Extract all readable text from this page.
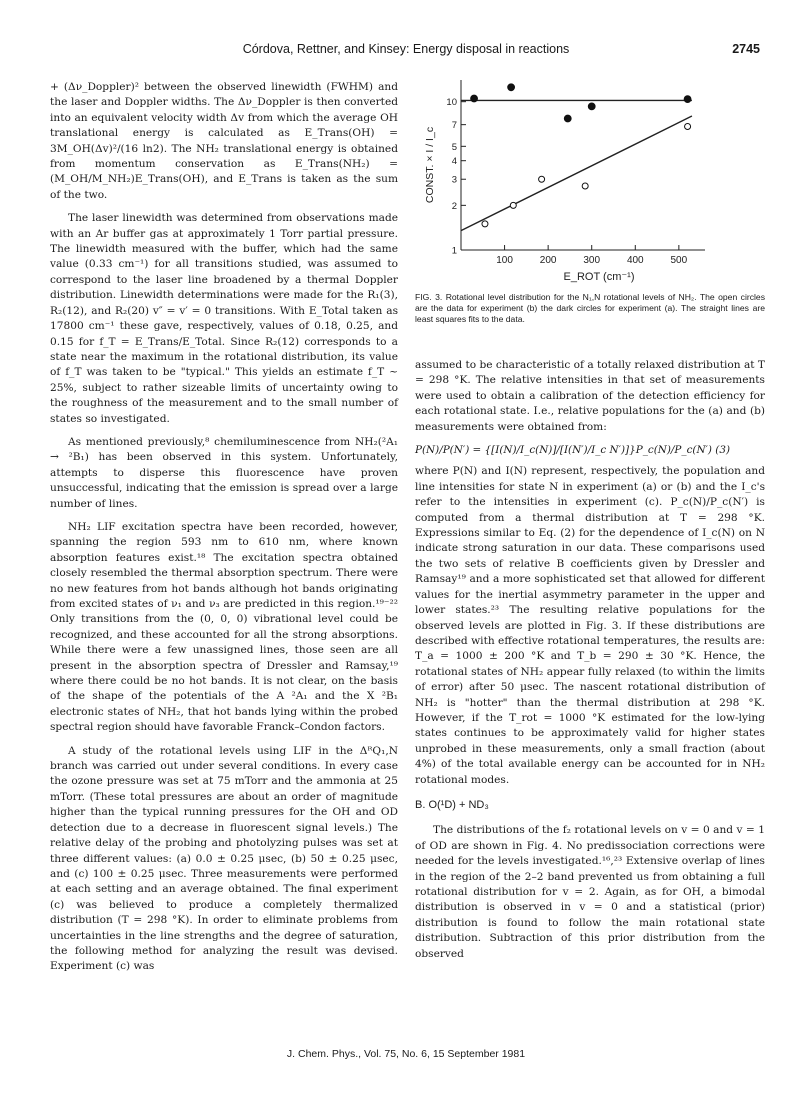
Córdova, Rettner, and Kinsey: Energy disposal in reactions	2745

+ (Δν_Doppler)² between the observed linewidth (FWHM) and the laser and Doppler widths. The Δν_Doppler is then converted into an equivalent velocity width Δv from which the average OH translational energy is calculated as E_Trans(OH) = 3M_OH(Δv)²/(16 ln2). The NH₂ translational energy is obtained from momentum conservation as E_Trans(NH₂) = (M_OH/M_NH₂)E_Trans(OH), and E_Trans is taken as the sum of the two.

The laser linewidth was determined from observations made with an Ar buffer gas at approximately 1 Torr partial pressure. The linewidth measured with the buffer, which had the same value (0.33 cm⁻¹) for all transitions studied, was assumed to correspond to the laser line broadened by a thermal Doppler distribution. Linewidth determinations were made for the R₁(3), R₂(12), and R₂(20) v″ = v′ = 0 transitions. With E_Total taken as 17800 cm⁻¹ these gave, respectively, values of 0.18, 0.25, and 0.15 for f_T = E_Trans/E_Total. Since R₂(12) corresponds to a state near the maximum in the rotational distribution, its value of f_T was taken to be "typical." This yields an estimate f_T ~ 25%, subject to rather sizeable limits of uncertainty owing to the roughness of the measurement and to the small number of states so investigated.

As mentioned previously,⁸ chemiluminescence from NH₂(²A₁ → ²B₁) has been observed in this system. Unfortunately, attempts to disperse this fluorescence have proven unsuccessful, indicating that the emission is spread over a large number of lines.

NH₂ LIF excitation spectra have been recorded, however, spanning the region 593 nm to 610 nm, where known absorption features exist.¹⁸ The excitation spectra obtained closely resembled the thermal absorption spectrum. There were no new features from hot bands although hot bands originating from excited states of ν₁ and ν₃ are predicted in this region.¹⁹⁻²² Only transitions from the (0, 0, 0) vibrational level could be recognized, and these accounted for all the strong absorptions. While there were a few unassigned lines, those seen are all present in the absorption spectra of Dressler and Ramsay,¹⁹ where there could be no hot bands. It is not clear, on the basis of the shape of the potentials of the A ²A₁ and the X ²B₁ electronic states of NH₂, that hot bands lying within the probed spectral region should have favorable Franck–Condon factors.

A study of the rotational levels using LIF in the ΔᴿQ₁,N branch was carried out under several conditions. In every case the ozone pressure was set at 75 mTorr and the ammonia at 25 mTorr. (These total pressures are about an order of magnitude higher than the typical running pressures for the OH and OD detection due to a decrease in fluorescent signal levels.) The relative delay of the probing and photolyzing pulses was set at three different values: (a) 0.0 ± 0.25 μsec, (b) 50 ± 0.25 μsec, and (c) 100 ± 0.25 μsec. Three measurements were performed at each setting and an average obtained. The final experiment (c) was believed to produce a completely thermalized distribution (T = 298 °K). In order to eliminate problems from uncertainties in the line strengths and the degree of saturation, the following method for analyzing the result was devised. Experiment (c) was

100	200	300	400	500
1
2
3
4
5
7
10
E_ROT (cm⁻¹)
CONST. × I / I_c
FIG. 3. Rotational level distribution for the N₁,N rotational levels of NH₂. The open circles are the data for experiment (b) the dark circles for experiment (a). The straight lines are least squares fits to the data.

assumed to be characteristic of a totally relaxed distribution at T = 298 °K. The relative intensities in that set of measurements were used to obtain a calibration of the detection efficiency for each rotational state. I.e., relative populations for the (a) and (b) measurements were obtained from:

P(N)/P(N′) = {[I(N)/I_c(N)]/[I(N′)/I_c N′)]}P_c(N)/P_c(N′) (3)

where P(N) and I(N) represent, respectively, the population and line intensities for state N in experiment (a) or (b) and the I_c's refer to the intensities in experiment (c). P_c(N)/P_c(N′) is computed from a thermal distribution at T = 298 °K. Expressions similar to Eq. (2) for the dependence of I_c(N) on N indicate strong saturation in our data. These comparisons used the two sets of relative B coefficients given by Dressler and Ramsay¹⁹ and a more sophisticated set that allowed for different values for the inertial asymmetry parameter in the upper and lower states.²³ The resulting relative populations for the observed levels are plotted in Fig. 3. If these distributions are described with effective rotational temperatures, the results are: T_a = 1000 ± 200 °K and T_b = 290 ± 30 °K. Hence, the rotational states of NH₂ appear fully relaxed (to within the limits of error) after 50 μsec. The nascent rotational distribution of NH₂ is "hotter" than the thermal distribution at 298 °K. However, if the T_rot = 1000 °K estimated for the low-lying states continues to be approximately valid for higher states unprobed in these measurements, only a small fraction (about 4%) of the total available energy can be accounted for in NH₂ rotational modes.

B. O(¹D) + ND₃

The distributions of the f₂ rotational levels on v = 0 and v = 1 of OD are shown in Fig. 4. No predissociation corrections were needed for the levels investigated.¹⁶,²³ Extensive overlap of lines in the region of the 2–2 band prevented us from obtaining a full rotational distribution for v = 2. Again, as for OH, a bimodal distribution is observed in v = 0 and a statistical (prior) distribution is found to follow the main rotational state distribution. Subtraction of this prior distribution from the observed

J. Chem. Phys., Vol. 75, No. 6, 15 September 1981
